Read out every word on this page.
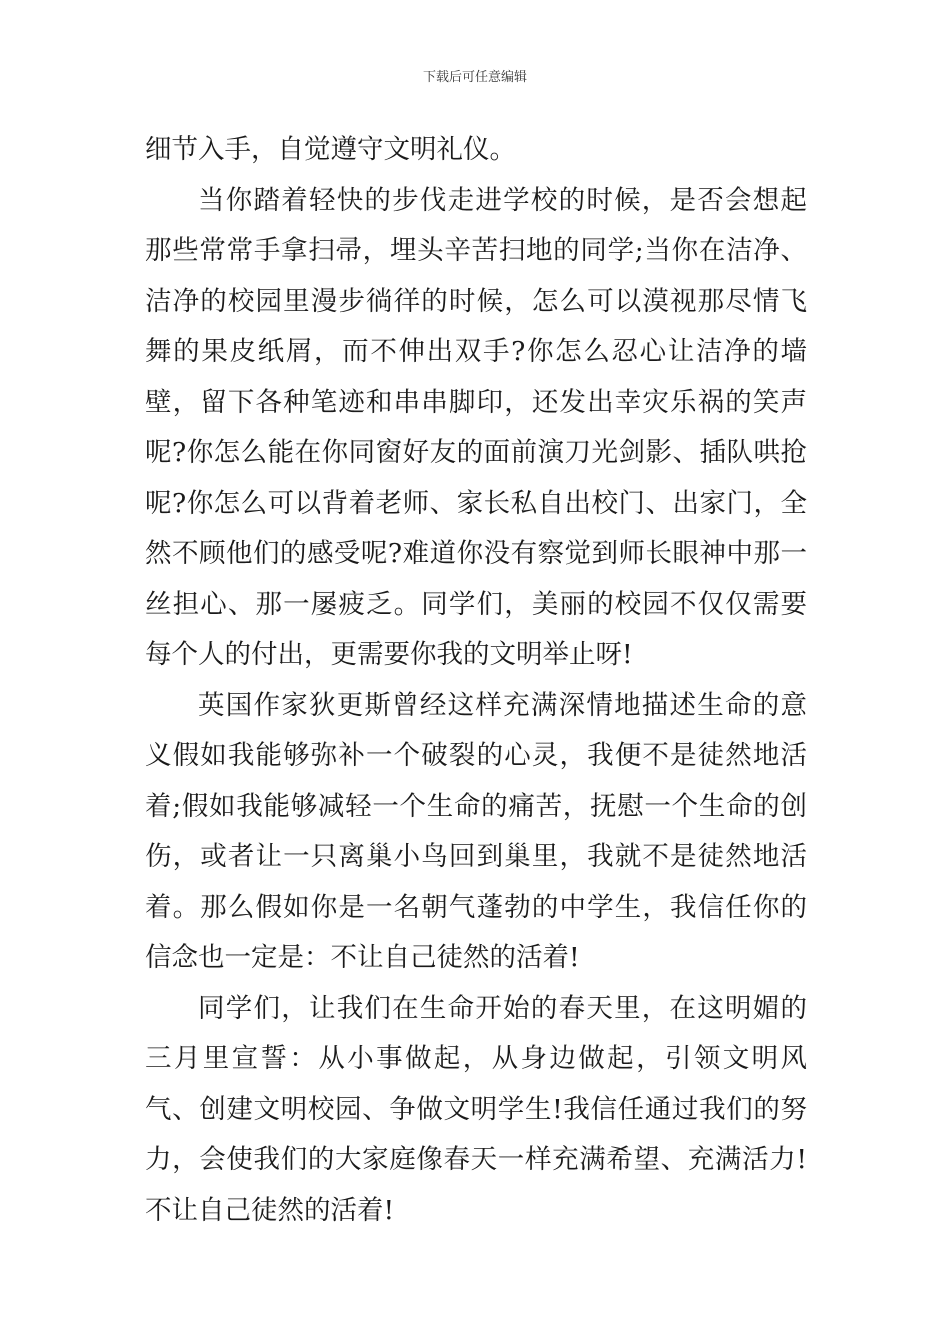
下载后可任意编辑

细节入手，自觉遵守文明礼仪。

当你踏着轻快的步伐走进学校的时候，是否会想起那些常常手拿扫帚，埋头辛苦扫地的同学;当你在洁净、洁净的校园里漫步徜徉的时候，怎么可以漠视那尽情飞舞的果皮纸屑，而不伸出双手?你怎么忍心让洁净的墙壁，留下各种笔迹和串串脚印，还发出幸灾乐祸的笑声呢?你怎么能在你同窗好友的面前演刀光剑影、插队哄抢呢?你怎么可以背着老师、家长私自出校门、出家门，全然不顾他们的感受呢?难道你没有察觉到师长眼神中那一丝担心、那一屡疲乏。同学们，美丽的校园不仅仅需要每个人的付出，更需要你我的文明举止呀!

英国作家狄更斯曾经这样充满深情地描述生命的意义假如我能够弥补一个破裂的心灵，我便不是徒然地活着;假如我能够减轻一个生命的痛苦，抚慰一个生命的创伤，或者让一只离巢小鸟回到巢里，我就不是徒然地活着。那么假如你是一名朝气蓬勃的中学生，我信任你的信念也一定是：不让自己徒然的活着!

同学们，让我们在生命开始的春天里，在这明媚的三月里宣誓：从小事做起，从身边做起，引领文明风气、创建文明校园、争做文明学生!我信任通过我们的努力，会使我们的大家庭像春天一样充满希望、充满活力!不让自己徒然的活着!
